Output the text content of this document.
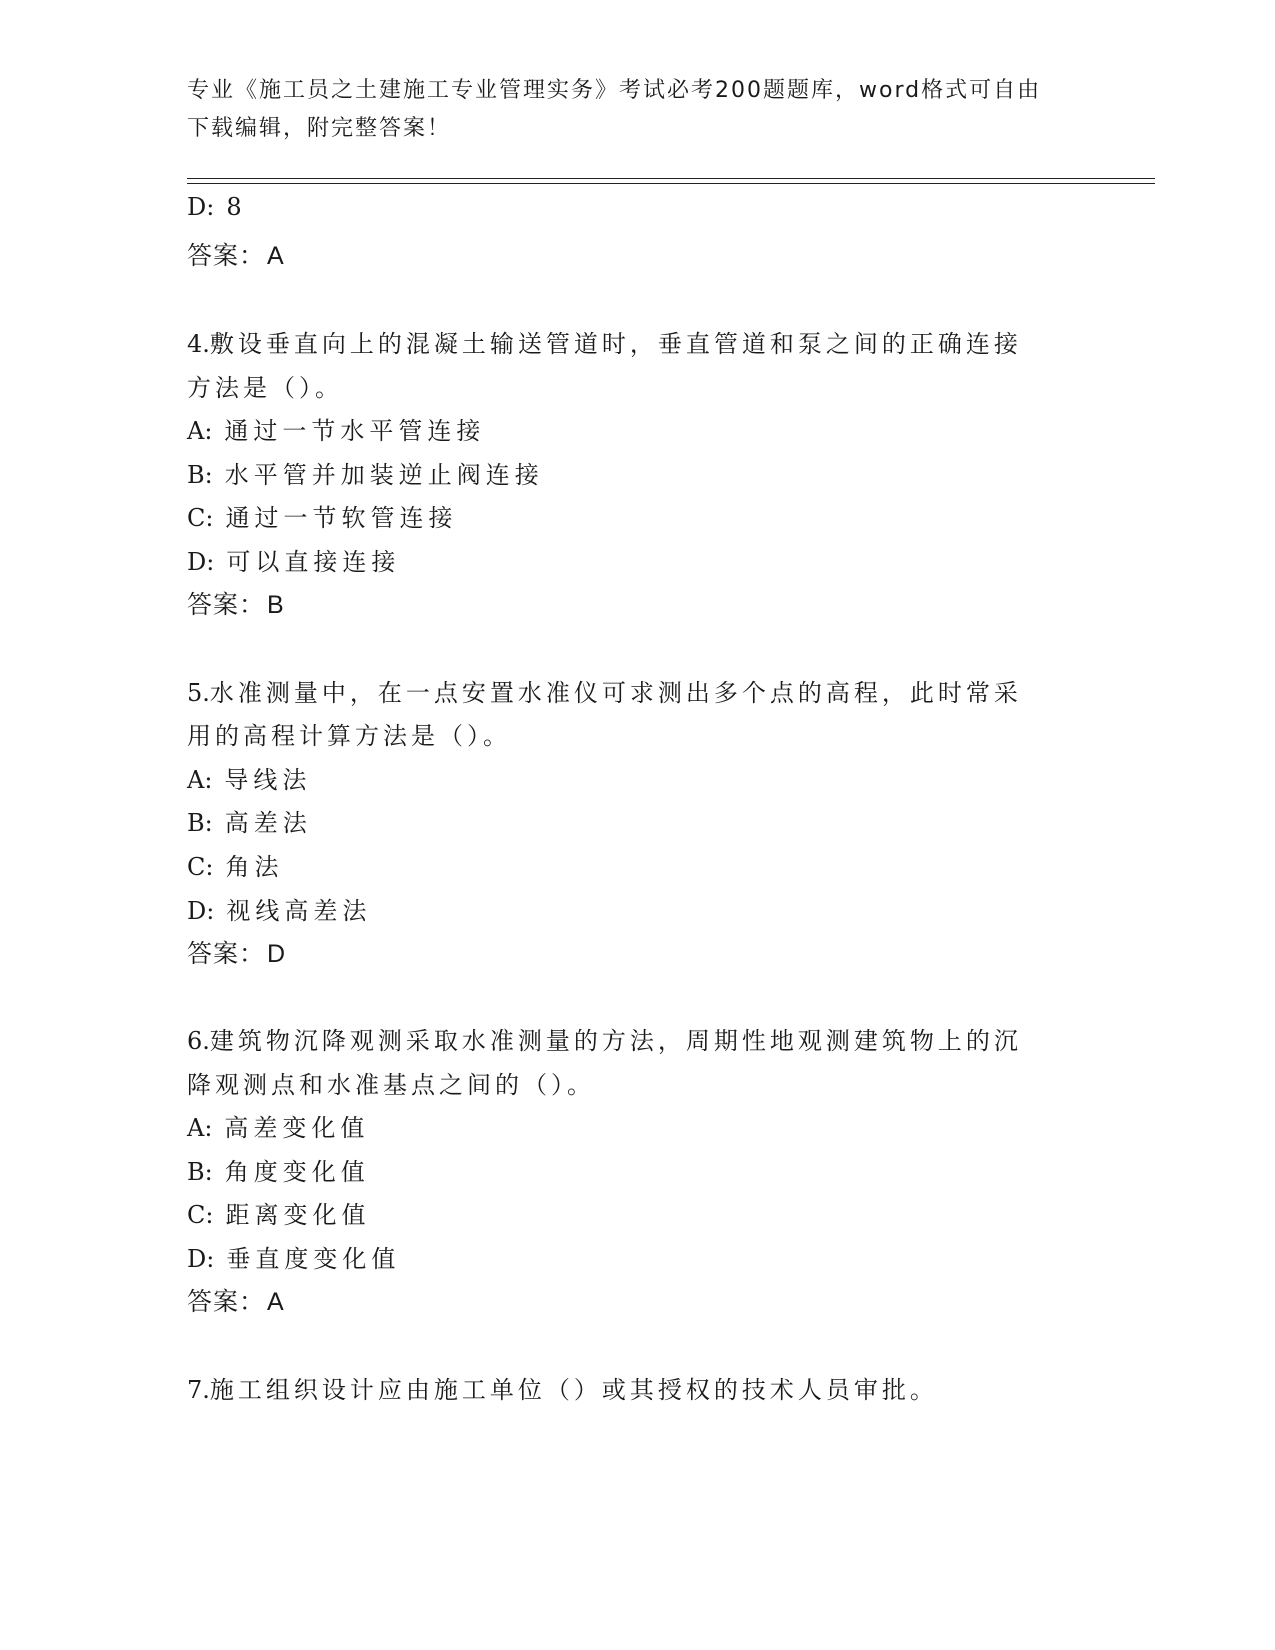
专业《施工员之土建施工专业管理实务》考试必考200题题库，word格式可自由
下载编辑，附完整答案！
D: 8
答案：A
4.敷设垂直向上的混凝土输送管道时，垂直管道和泵之间的正确连接
方法是（）。
A: 通过一节水平管连接
B: 水平管并加装逆止阀连接
C: 通过一节软管连接
D: 可以直接连接
答案：B
5.水准测量中，在一点安置水准仪可求测出多个点的高程，此时常采
用的高程计算方法是（）。
A: 导线法
B: 高差法
C: 角法
D: 视线高差法
答案：D
6.建筑物沉降观测采取水准测量的方法，周期性地观测建筑物上的沉
降观测点和水准基点之间的（）。
A: 高差变化值
B: 角度变化值
C: 距离变化值
D: 垂直度变化值
答案：A
7.施工组织设计应由施工单位（）或其授权的技术人员审批。
